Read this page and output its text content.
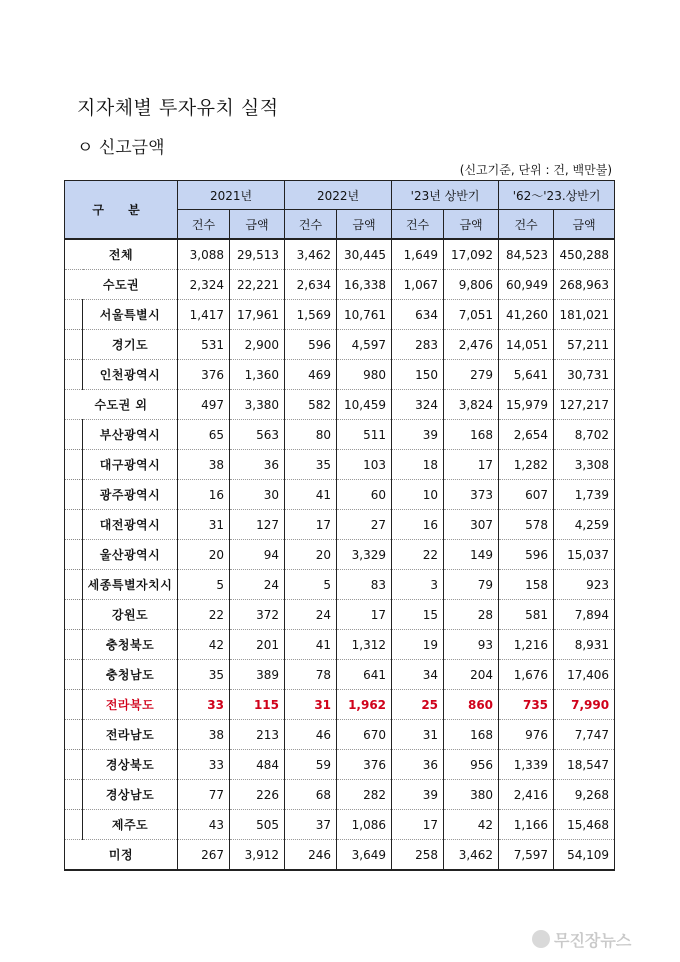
지자체별 투자유치 실적
ㅇ 신고금액
(신고기준, 단위 : 건, 백만불)
구 분		2021년		2022년		'23년 상반기		'62～'23.상반기	
		건수	금액	건수	금액	건수	금액	건수	금액
전체		3,088	29,513	3,462	30,445	1,649	17,092	84,523	450,288
수도권		2,324	22,221	2,634	16,338	1,067	9,806	60,949	268,963
	서울특별시	1,417	17,961	1,569	10,761	634	7,051	41,260	181,021
	경기도	531	2,900	596	4,597	283	2,476	14,051	57,211
	인천광역시	376	1,360	469	980	150	279	5,641	30,731
수도권 외		497	3,380	582	10,459	324	3,824	15,979	127,217
	부산광역시	65	563	80	511	39	168	2,654	8,702
	대구광역시	38	36	35	103	18	17	1,282	3,308
	광주광역시	16	30	41	60	10	373	607	1,739
	대전광역시	31	127	17	27	16	307	578	4,259
	울산광역시	20	94	20	3,329	22	149	596	15,037
	세종특별자치시	5	24	5	83	3	79	158	923
	강원도	22	372	24	17	15	28	581	7,894
	충청북도	42	201	41	1,312	19	93	1,216	8,931
	충청남도	35	389	78	641	34	204	1,676	17,406
	전라북도	33	115	31	1,962	25	860	735	7,990
	전라남도	38	213	46	670	31	168	976	7,747
	경상북도	33	484	59	376	36	956	1,339	18,547
	경상남도	77	226	68	282	39	380	2,416	9,268
	제주도	43	505	37	1,086	17	42	1,166	15,468
미정		267	3,912	246	3,649	258	3,462	7,597	54,109
무진장뉴스
